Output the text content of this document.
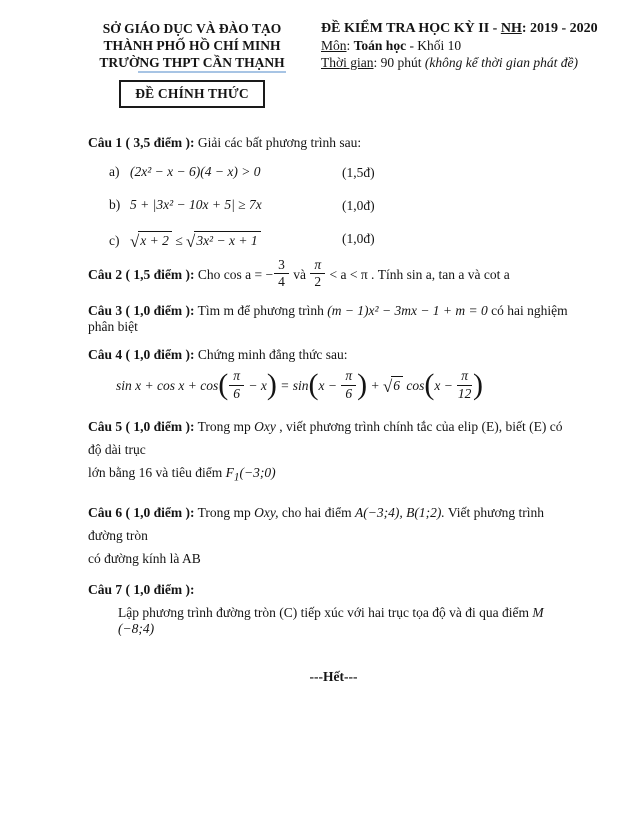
SỞ GIÁO DỤC VÀ ĐÀO TẠO
THÀNH PHỐ HỒ CHÍ MINH
TRƯỜNG THPT CẦN THẠNH
ĐỀ CHÍNH THỨC
ĐỀ KIỂM TRA HỌC KỲ II - NH: 2019 - 2020
Môn: Toán học - Khối 10
Thời gian: 90 phút (không kể thời gian phát đề)
Câu 1 ( 3,5 điểm ): Giải các bất phương trình sau:
a) (2x² − x − 6)(4 − x) > 0	(1,5đ)
b) 5 + |3x² − 10x + 5| ≥ 7x	(1,0đ)
c) √x + 2 ≤ √3x² − x + 1	(1,0đ)
Câu 2 ( 1,5 điểm ): Cho cos a = − $\frac{3}{4}$ và $\frac{\pi}{2} < a < \pi$ . Tính sin a, tan a và cot a
Câu 3 ( 1,0 điểm ): Tìm m để phương trình (m − 1)x² − 3mx − 1 + m = 0 có hai nghiệm phân biệt
Câu 4 ( 1,0 điểm ): Chứng minh đẳng thức sau:
$\sin x + \cos x + \cos( \frac{\pi}{6} - x) = \sin(x - \frac{\pi}{6}$ ) + √6 $\cos(x - \frac{\pi}{12}$ )
Câu 5 ( 1,0 điểm ): Trong mp Oxy , viết phương trình chính tắc của elip (E), biết (E) có độ dài trục
lớn bằng 16 và tiêu điểm $F_1(-3;0)$
Câu 6 ( 1,0 điểm ): Trong mp Oxy, cho hai điểm A(−3;4), B(1;2). Viết phương trình đường tròn
có đường kính là AB
Câu 7 ( 1,0 điểm ):
Lập phương trình đường tròn (C) tiếp xúc với hai trục tọa độ và đi qua điểm M (−8;4)
---Hết---
